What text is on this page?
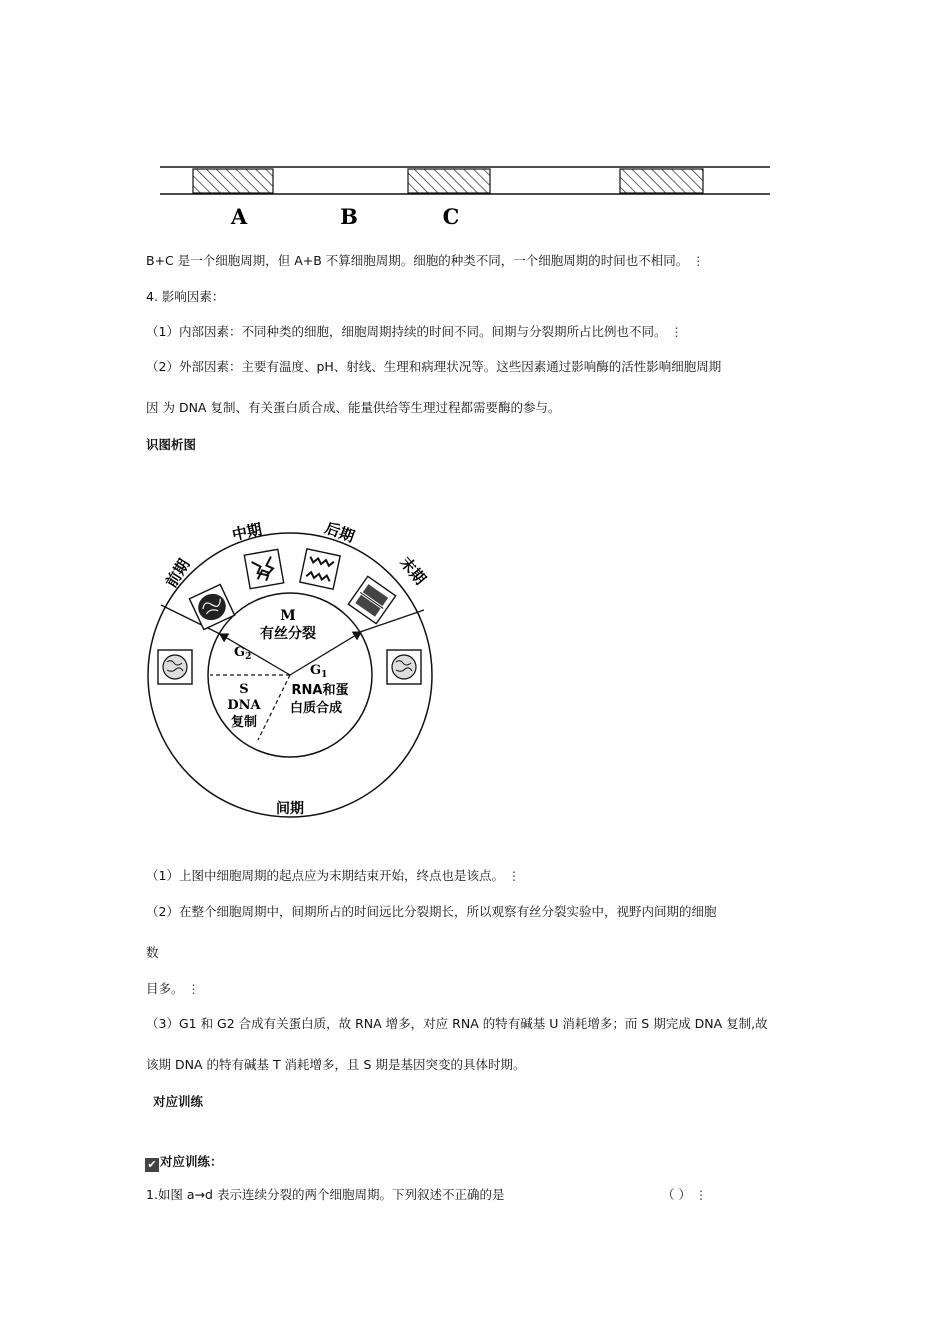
A	B	C
B+C 是一个细胞周期，但 A+B 不算细胞周期。细胞的种类不同，一个细胞周期的时间也不相同。 ⋮
4. 影响因素：
（1）内部因素：不同种类的细胞，细胞周期持续的时间不同。间期与分裂期所占比例也不同。 ⋮
（2）外部因素：主要有温度、pH、射线、生理和病理状况等。这些因素通过影响酶的活性影响细胞周期
因 为 DNA 复制、有关蛋白质合成、能量供给等生理过程都需要酶的参与。
识图析图
前期
中期	后期
末期
M
有丝分裂
$G_2$
S
DNA
复制
$G_1$
RNA和蛋
白质合成
间期
（1）上图中细胞周期的起点应为末期结束开始，终点也是该点。 ⋮
（2）在整个细胞周期中，间期所占的时间远比分裂期长，所以观察有丝分裂实验中，视野内间期的细胞
数
目多。 ⋮
（3）G1 和 G2 合成有关蛋白质，故 RNA 增多，对应 RNA 的特有碱基 U 消耗增多；而 S 期完成 DNA 复制,故
该期 DNA 的特有碱基 T 消耗增多，且 S 期是基因突变的具体时期。
对应训练
✔ 对应训练：
1.如图 a→d 表示连续分裂的两个细胞周期。下列叙述不正确的是	（ ） ⋮
